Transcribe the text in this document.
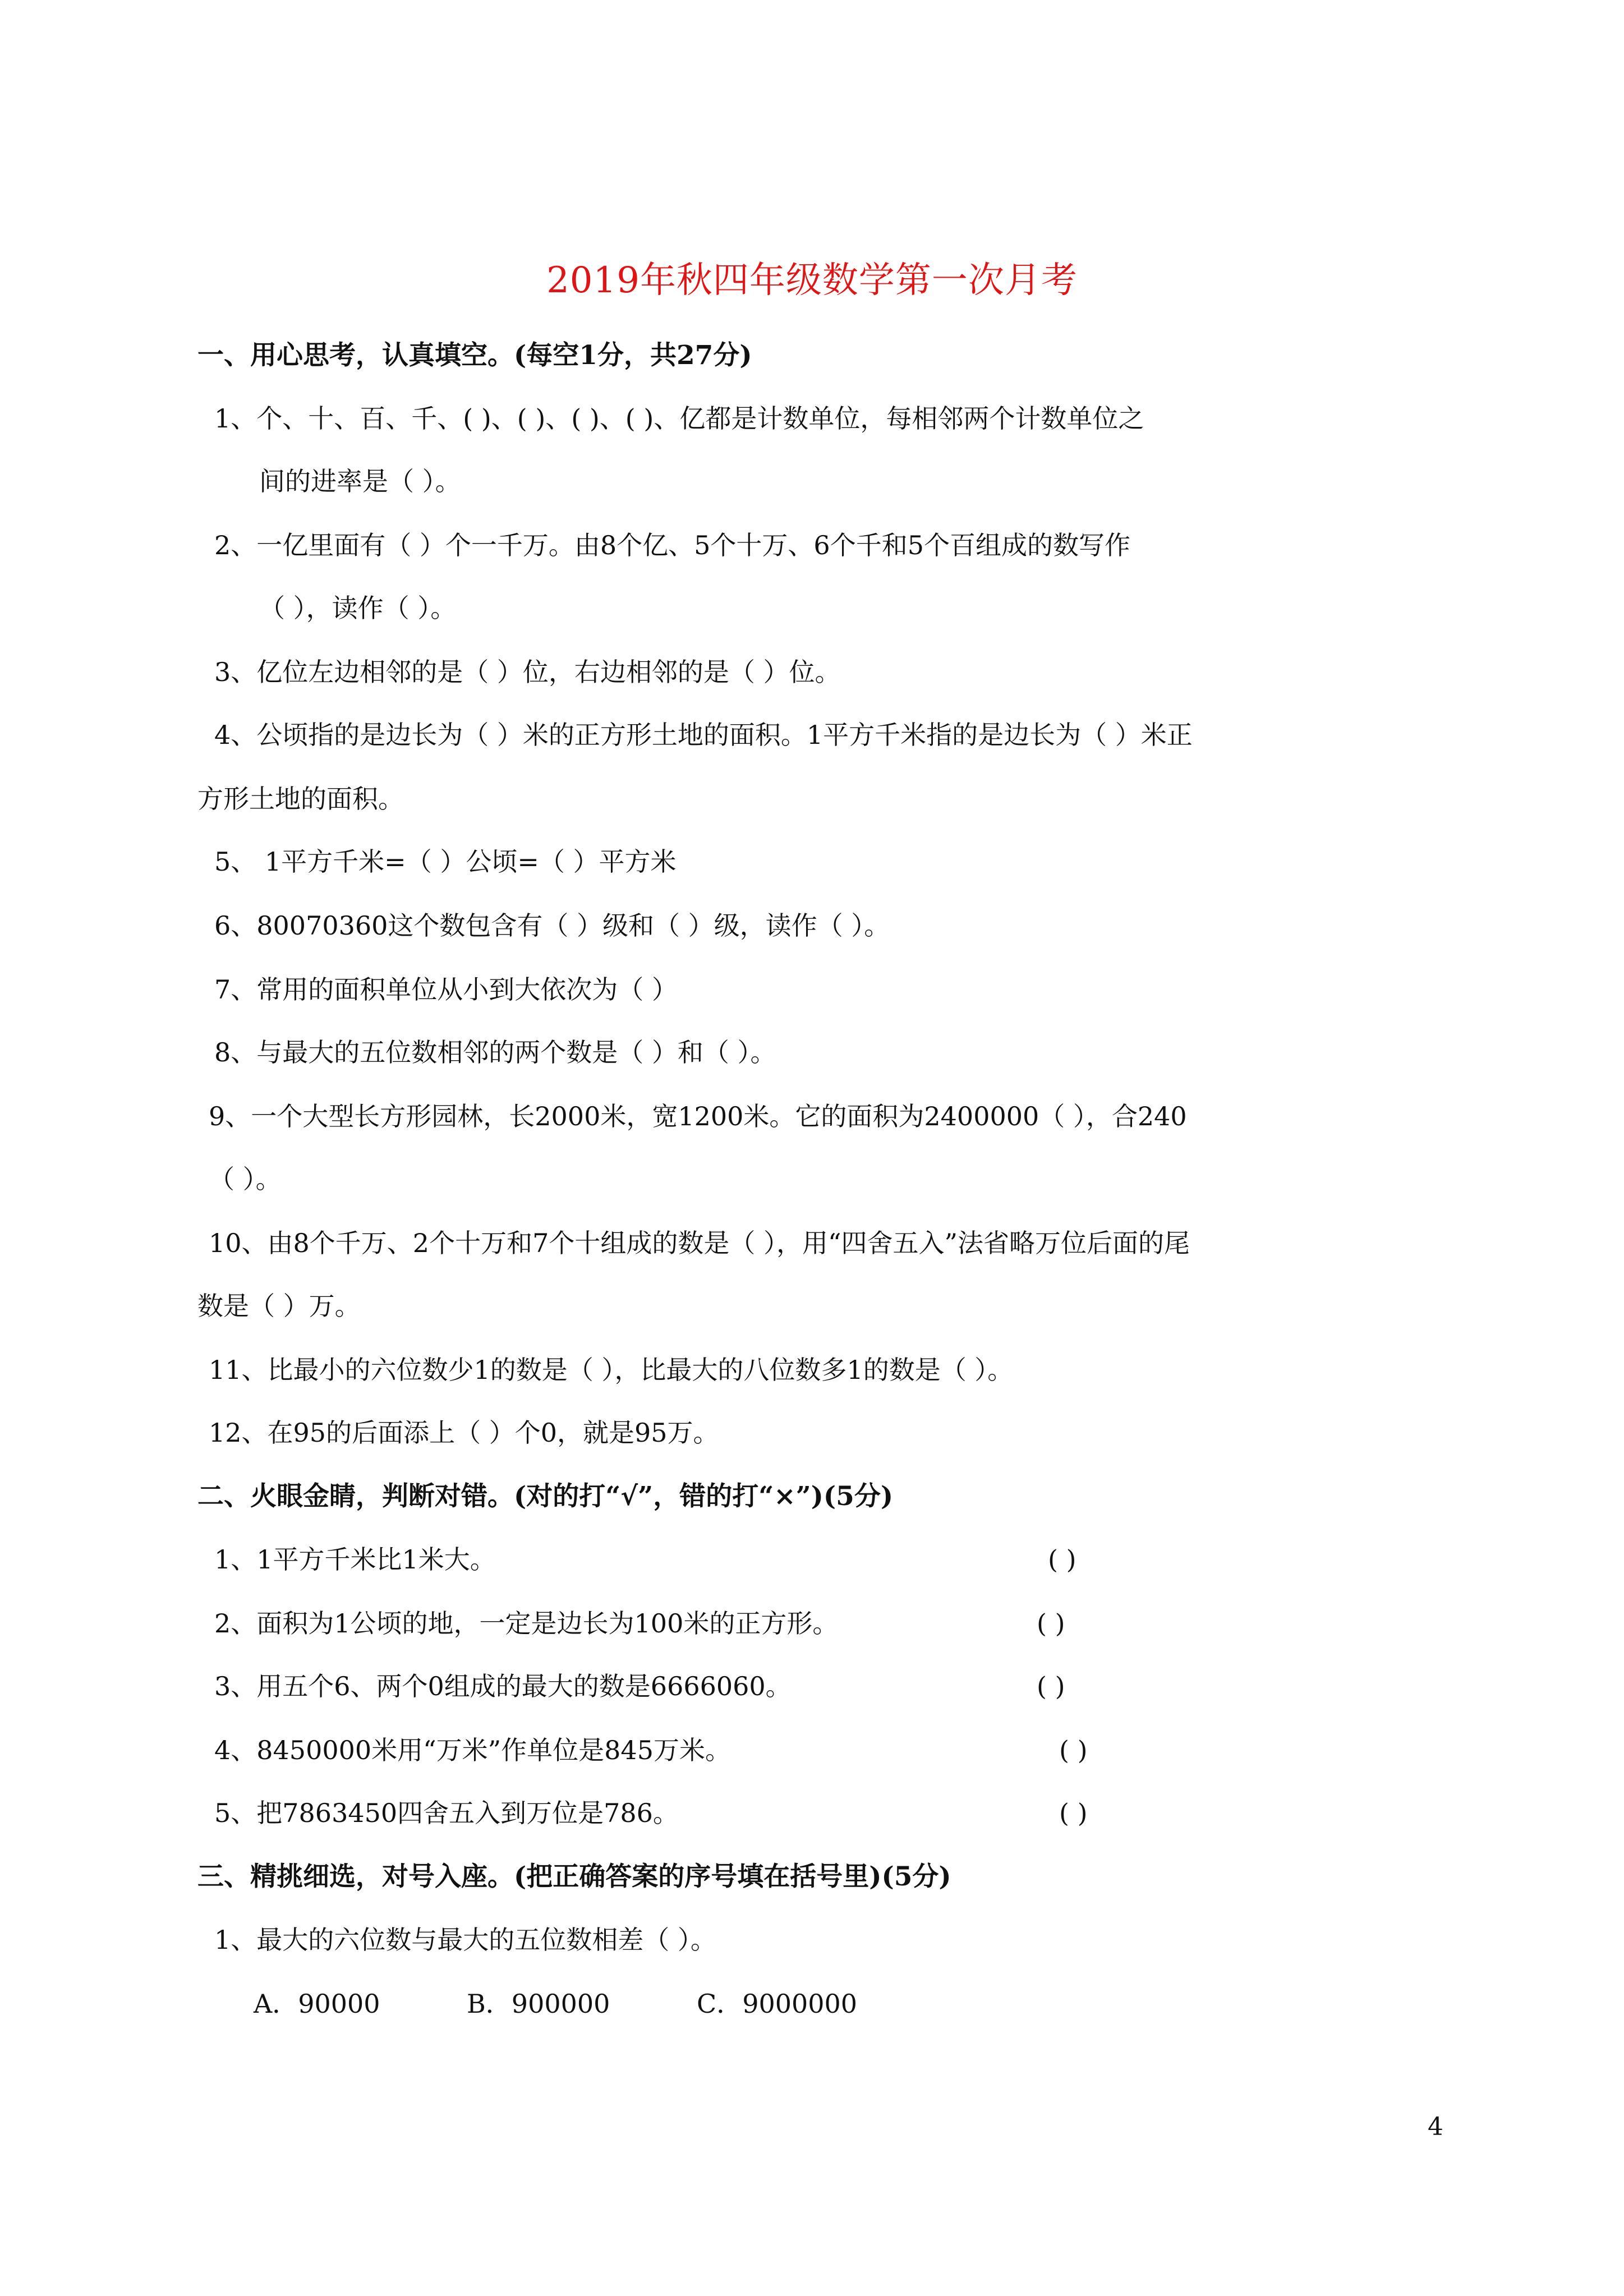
2019年秋四年级数学第一次月考
一、用心思考，认真填空。(每空1分，共27分)
1、个、十、百、千、( )、( )、( )、( )、亿都是计数单位，每相邻两个计数单位之
间的进率是（ ）。
2、一亿里面有（ ）个一千万。由8个亿、5个十万、6个千和5个百组成的数写作
（ ），读作（ ）。
3、亿位左边相邻的是（ ）位，右边相邻的是（ ）位。
4、公顷指的是边长为（ ）米的正方形土地的面积。1平方千米指的是边长为（ ）米正
方形土地的面积。
5、 1平方千米=（ ）公顷=（ ）平方米
6、80070360这个数包含有（ ）级和（ ）级，读作（ ）。
7、常用的面积单位从小到大依次为（ ）
8、与最大的五位数相邻的两个数是（ ）和（ ）。
9、一个大型长方形园林，长2000米，宽1200米。它的面积为2400000（ ），合240
（ ）。
10、由8个千万、2个十万和7个十组成的数是（ ），用“四舍五入”法省略万位后面的尾
数是（ ）万。
11、比最小的六位数少1的数是（ ），比最大的八位数多1的数是（ ）。
12、在95的后面添上（ ）个0，就是95万。
二、火眼金睛，判断对错。(对的打“√”，错的打“×”)(5分)
1、1平方千米比1米大。	( )
2、面积为1公顷的地，一定是边长为100米的正方形。	( )
3、用五个6、两个0组成的最大的数是6666060。	( )
4、8450000米用“万米”作单位是845万米。	( )
5、把7863450四舍五入到万位是786。	( )
三、精挑细选，对号入座。(把正确答案的序号填在括号里)(5分)
1、最大的六位数与最大的五位数相差（ ）。
A．90000	B．900000	C．9000000
4
